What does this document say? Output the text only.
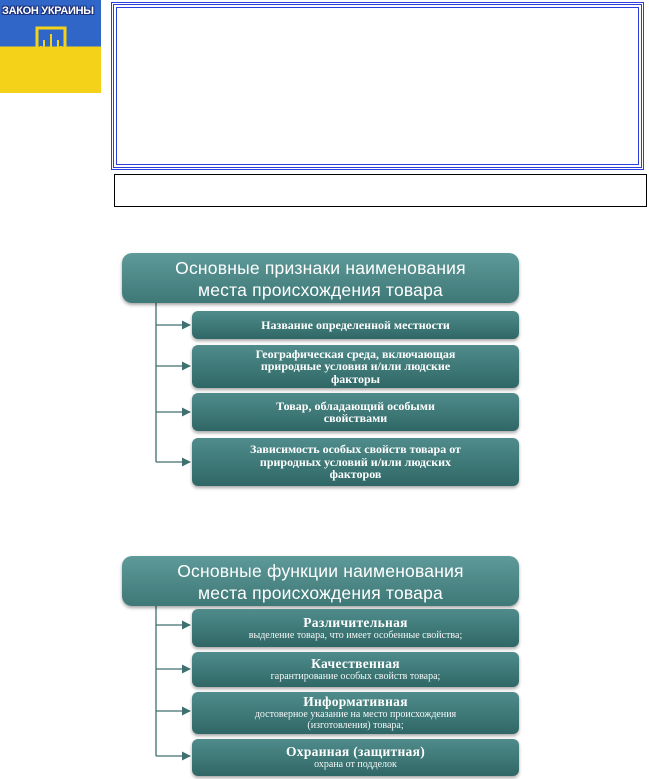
ЗАКОН УКРАИНЫ
Основные признаки наименования
места происхождения товара
Название определенной местности
Географическая среда, включающая
природные условия и/или людские
факторы
Товар, обладающий особыми
свойствами
Зависимость особых свойств товара от
природных условий и/или людских
факторов
Основные функции наименования
места происхождения товара
Различительная
выделение товара, что имеет особенные свойства;
Качественная
гарантирование особых свойств товара;
Информативная
достоверное указание на место происхождения
(изготовления) товара;
Охранная (защитная)
охрана от подделок
